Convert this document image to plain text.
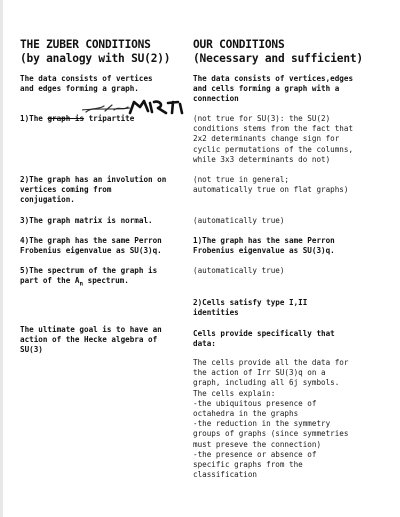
THE ZUBER CONDITIONS
(by analogy with SU(2))
The data consists of vertices
and edges forming a graph.
1)The graph is tripartite
2)The graph has an involution on
vertices coming from
conjugation.
3)The graph matrix is normal.
4)The graph has the same Perron
Frobenius eigenvalue as SU(3)q.
5)The spectrum of the graph is
part of the $A_n$ spectrum.
The ultimate goal is to have an
action of the Hecke algebra of
SU(3)
OUR CONDITIONS
(Necessary and sufficient)
The data consists of vertices,edges
and cells forming a graph with a
connection
(not true for SU(3): the SU(2)
conditions stems from the fact that
2x2 determinants change sign for
cyclic permutations of the columns,
while 3x3 determinants do not)
(not true in general;
automatically true on flat graphs)
(automatically true)
1)The graph has the same Perron
Frobenius eigenvalue as SU(3)q.
(automatically true)
2)Cells satisfy type I,II
identities
Cells provide specifically that
data:
The cells provide all the data for
the action of Irr SU(3)q on a
graph, including all 6j symbols.
The cells explain:
-the ubiquitous presence of
octahedra in the graphs
-the reduction in the symmetry
groups of graphs (since symmetries
must preseve the connection)
-the presence or absence of
specific graphs from the
classification
